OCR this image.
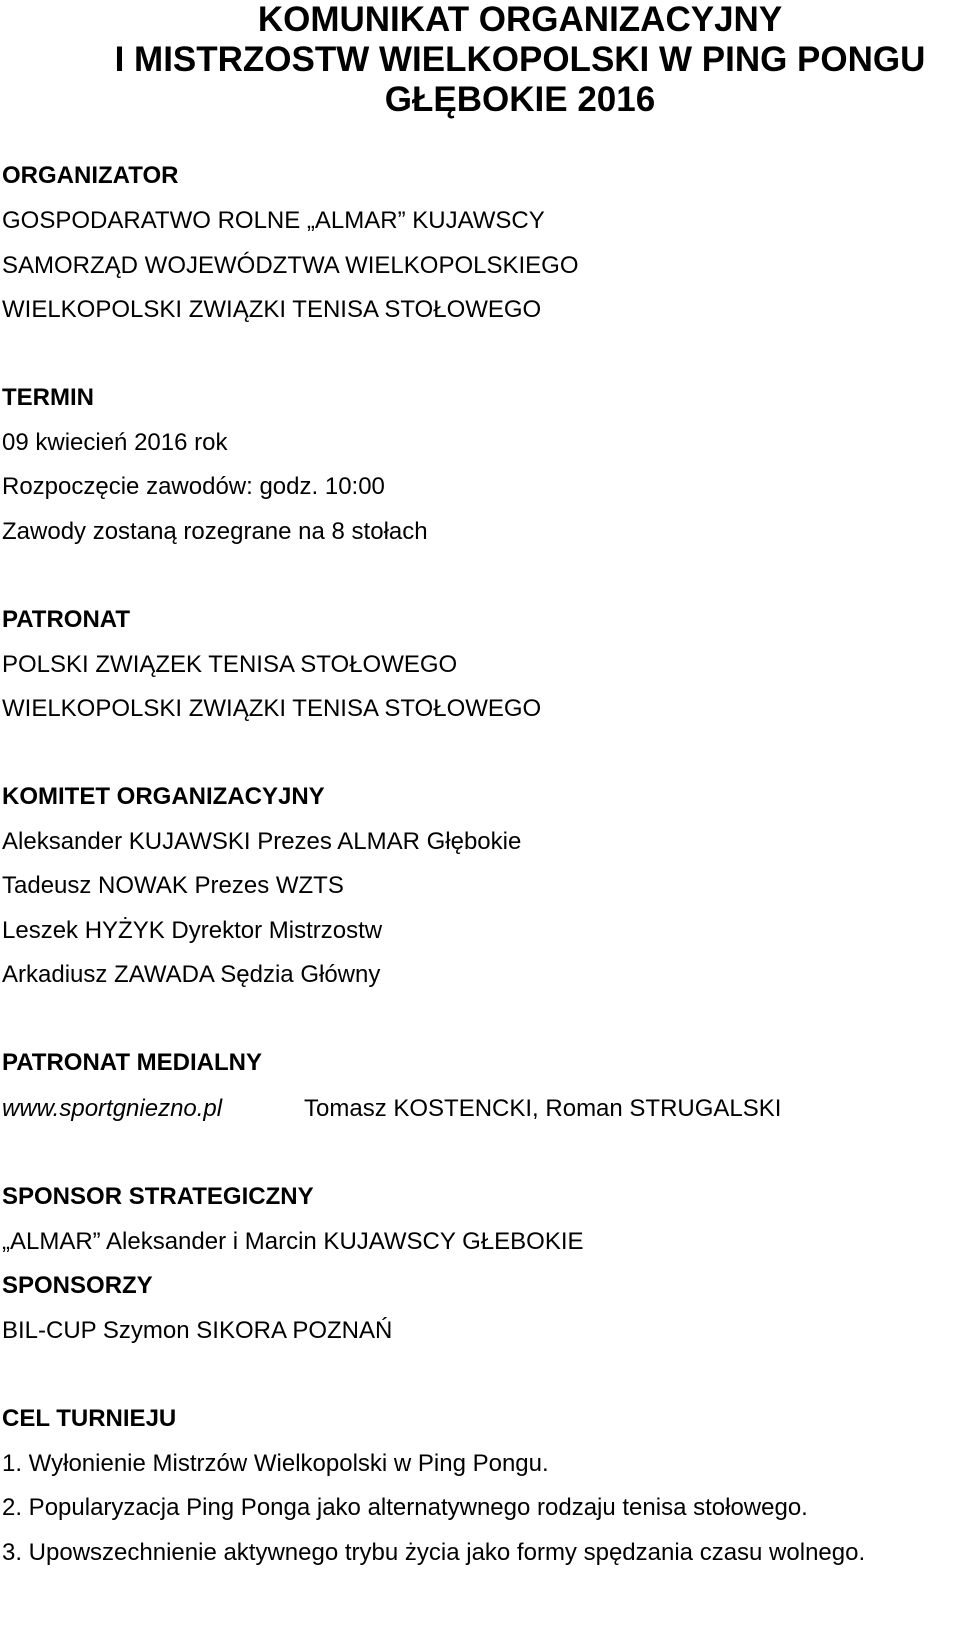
KOMUNIKAT ORGANIZACYJNY
I MISTRZOSTW WIELKOPOLSKI W PING PONGU
GŁĘBOKIE 2016
ORGANIZATOR
GOSPODARATWO ROLNE „ALMAR” KUJAWSCY
SAMORZĄD WOJEWÓDZTWA WIELKOPOLSKIEGO
WIELKOPOLSKI ZWIĄZKI TENISA STOŁOWEGO
TERMIN
09 kwiecień 2016 rok
Rozpoczęcie zawodów: godz. 10:00
Zawody zostaną rozegrane na 8 stołach
PATRONAT
POLSKI ZWIĄZEK TENISA STOŁOWEGO
WIELKOPOLSKI ZWIĄZKI TENISA STOŁOWEGO
KOMITET ORGANIZACYJNY
Aleksander KUJAWSKI Prezes ALMAR Głębokie
Tadeusz NOWAK Prezes WZTS
Leszek HYŻYK Dyrektor Mistrzostw
Arkadiusz ZAWADA Sędzia Główny
PATRONAT MEDIALNY
www.sportgniezno.pl	Tomasz KOSTENCKI, Roman STRUGALSKI
SPONSOR STRATEGICZNY
„ALMAR” Aleksander i Marcin KUJAWSCY GŁEBOKIE
SPONSORZY
BIL-CUP Szymon SIKORA POZNAŃ
CEL TURNIEJU
1. Wyłonienie Mistrzów Wielkopolski w Ping Pongu.
2. Popularyzacja Ping Ponga jako alternatywnego rodzaju tenisa stołowego.
3. Upowszechnienie aktywnego trybu życia jako formy spędzania czasu wolnego.
